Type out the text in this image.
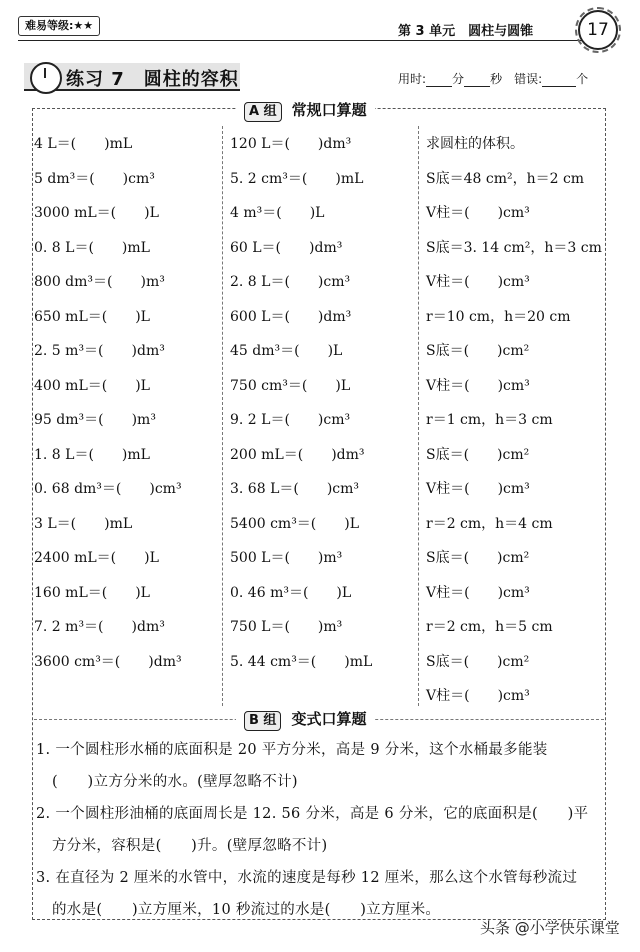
难易等级:★★	第 3 单元　圆柱与圆锥	17
练习 7　圆柱的容积	用时: 分 秒　错误:	个
A 组 常规口算题
4 L＝(　　)mL
5 dm³＝(　　)cm³
3000 mL＝(　　)L
0. 8 L＝(　　)mL
800 dm³＝(　　)m³
650 mL＝(　　)L
2. 5 m³＝(　　)dm³
400 mL＝(　　)L
95 dm³＝(　　)m³
1. 8 L＝(　　)mL
0. 68 dm³＝(　　)cm³
3 L＝(　　)mL
2400 mL＝(　　)L
160 mL＝(　　)L
7. 2 m³＝(　　)dm³
3600 cm³＝(　　)dm³
120 L＝(　　)dm³
5. 2 cm³＝(　　)mL
4 m³＝(　　)L
60 L＝(　　)dm³
2. 8 L＝(　　)cm³
600 L＝(　　)dm³
45 dm³＝(　　)L
750 cm³＝(　　)L
9. 2 L＝(　　)cm³
200 mL＝(　　)dm³
3. 68 L＝(　　)cm³
5400 cm³＝(　　)L
500 L＝(　　)m³
0. 46 m³＝(　　)L
750 L＝(　　)m³
5. 44 cm³＝(　　)mL
求圆柱的体积。
S底＝48 cm²，h＝2 cm
V柱＝(　　)cm³
S底＝3. 14 cm²，h＝3 cm
V柱＝(　　)cm³
r＝10 cm，h＝20 cm
S底＝(　　)cm²
V柱＝(　　)cm³
r＝1 cm，h＝3 cm
S底＝(　　)cm²
V柱＝(　　)cm³
r＝2 cm，h＝4 cm
S底＝(　　)cm²
V柱＝(　　)cm³
r＝2 cm，h＝5 cm
S底＝(　　)cm²
V柱＝(　　)cm³
B 组 变式口算题
1. 一个圆柱形水桶的底面积是 20 平方分米，高是 9 分米，这个水桶最多能装
(　　)立方分米的水。(壁厚忽略不计)
2. 一个圆柱形油桶的底面周长是 12. 56 分米，高是 6 分米，它的底面积是(　　)平
方分米，容积是(　　)升。(壁厚忽略不计)
3. 在直径为 2 厘米的水管中，水流的速度是每秒 12 厘米，那么这个水管每秒流过
的水是(　　)立方厘米，10 秒流过的水是(　　)立方厘米。
头条 @小学快乐课堂
